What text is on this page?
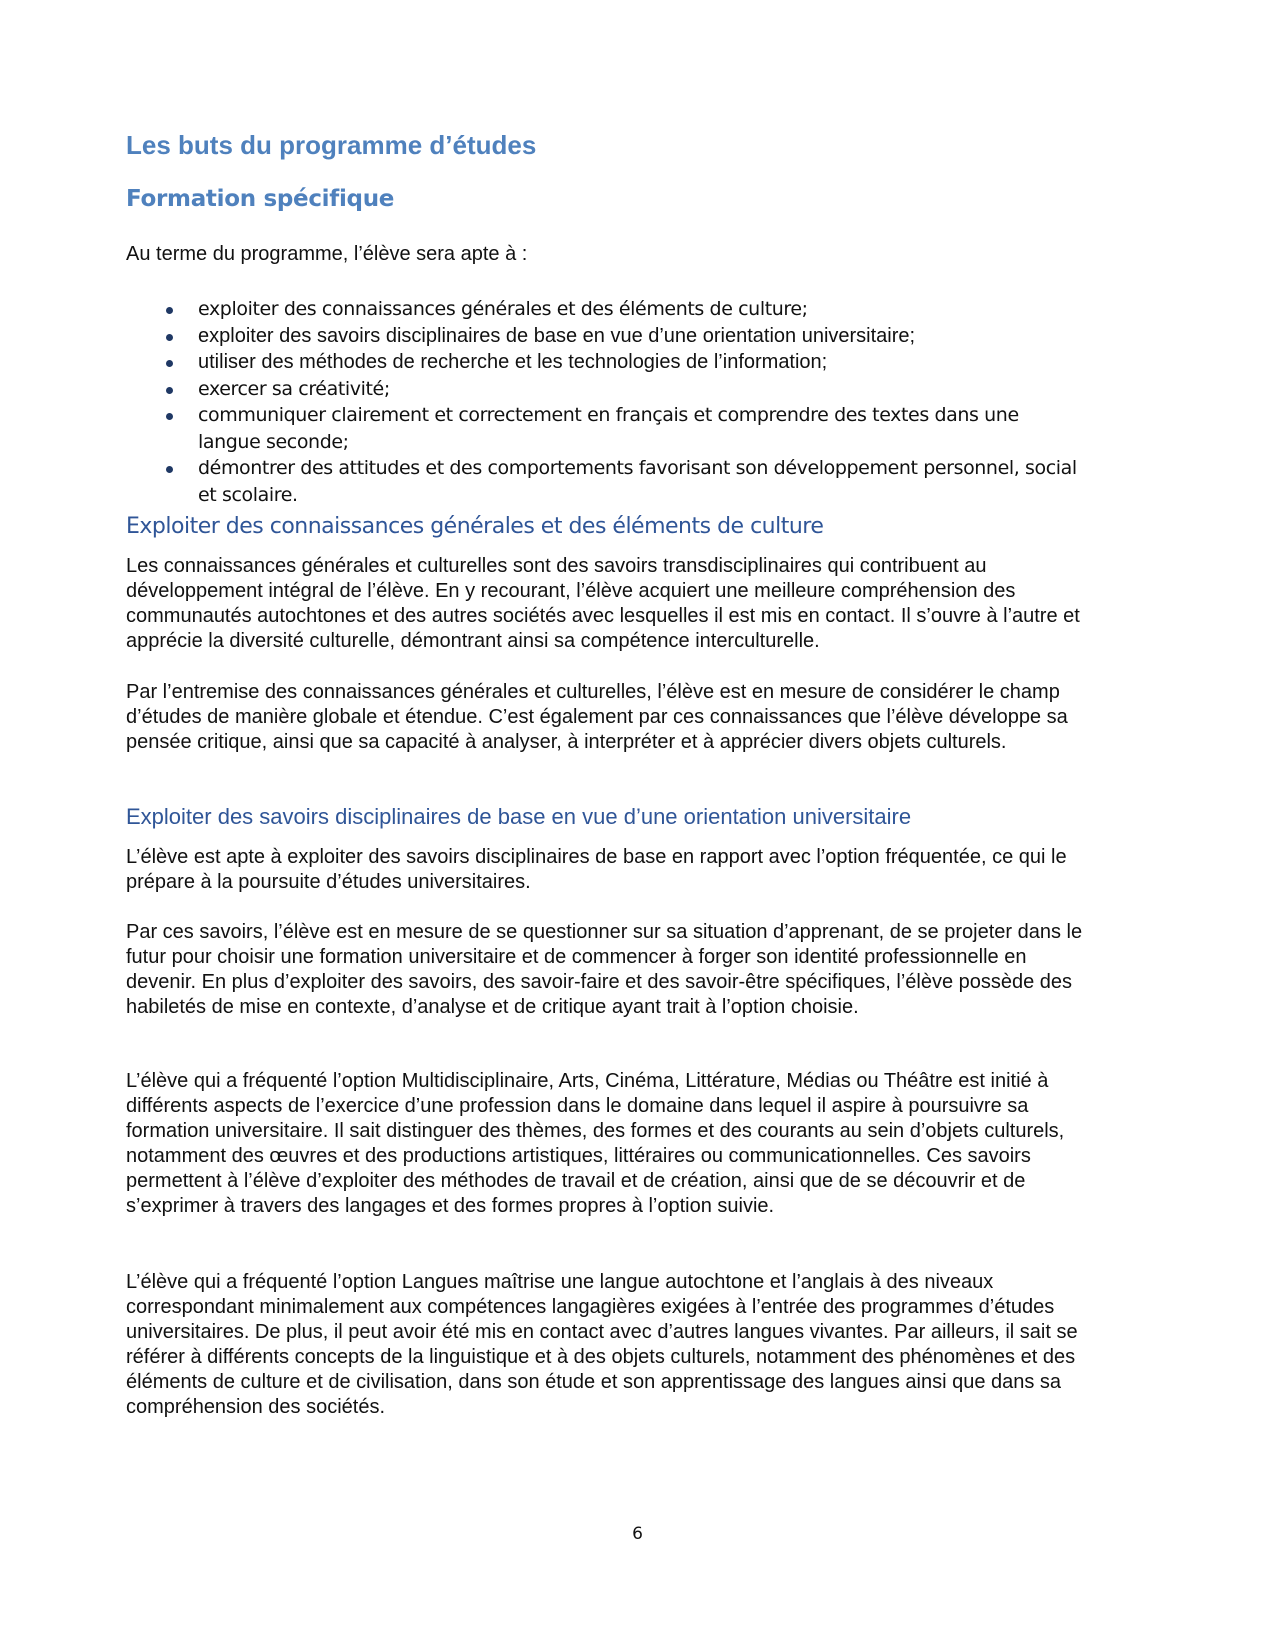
Les buts du programme d’études
Formation spécifique

Au terme du programme, l’élève sera apte à :

exploiter des connaissances générales et des éléments de culture;
exploiter des savoirs disciplinaires de base en vue d’une orientation universitaire;
utiliser des méthodes de recherche et les technologies de l’information;
exercer sa créativité;
communiquer clairement et correctement en français et comprendre des textes dans une langue seconde;
démontrer des attitudes et des comportements favorisant son développement personnel, social et scolaire.
Exploiter des connaissances générales et des éléments de culture

Les connaissances générales et culturelles sont des savoirs transdisciplinaires qui contribuent au développement intégral de l’élève. En y recourant, l’élève acquiert une meilleure compréhension des communautés autochtones et des autres sociétés avec lesquelles il est mis en contact. Il s’ouvre à l’autre et apprécie la diversité culturelle, démontrant ainsi sa compétence interculturelle.

Par l’entremise des connaissances générales et culturelles, l’élève est en mesure de considérer le champ d’études de manière globale et étendue. C’est également par ces connaissances que l’élève développe sa pensée critique, ainsi que sa capacité à analyser, à interpréter et à apprécier divers objets culturels.

Exploiter des savoirs disciplinaires de base en vue d’une orientation universitaire

L’élève est apte à exploiter des savoirs disciplinaires de base en rapport avec l’option fréquentée, ce qui le prépare à la poursuite d’études universitaires.

Par ces savoirs, l’élève est en mesure de se questionner sur sa situation d’apprenant, de se projeter dans le futur pour choisir une formation universitaire et de commencer à forger son identité professionnelle en devenir. En plus d’exploiter des savoirs, des savoir-faire et des savoir-être spécifiques, l’élève possède des habiletés de mise en contexte, d’analyse et de critique ayant trait à l’option choisie.

L’élève qui a fréquenté l’option Multidisciplinaire, Arts, Cinéma, Littérature, Médias ou Théâtre est initié à différents aspects de l’exercice d’une profession dans le domaine dans lequel il aspire à poursuivre sa formation universitaire. Il sait distinguer des thèmes, des formes et des courants au sein d’objets culturels, notamment des œuvres et des productions artistiques, littéraires ou communicationnelles. Ces savoirs permettent à l’élève d’exploiter des méthodes de travail et de création, ainsi que de se découvrir et de s’exprimer à travers des langages et des formes propres à l’option suivie.

L’élève qui a fréquenté l’option Langues maîtrise une langue autochtone et l’anglais à des niveaux correspondant minimalement aux compétences langagières exigées à l’entrée des programmes d’études universitaires. De plus, il peut avoir été mis en contact avec d’autres langues vivantes. Par ailleurs, il sait se référer à différents concepts de la linguistique et à des objets culturels, notamment des phénomènes et des éléments de culture et de civilisation, dans son étude et son apprentissage des langues ainsi que dans sa compréhension des sociétés.

6
